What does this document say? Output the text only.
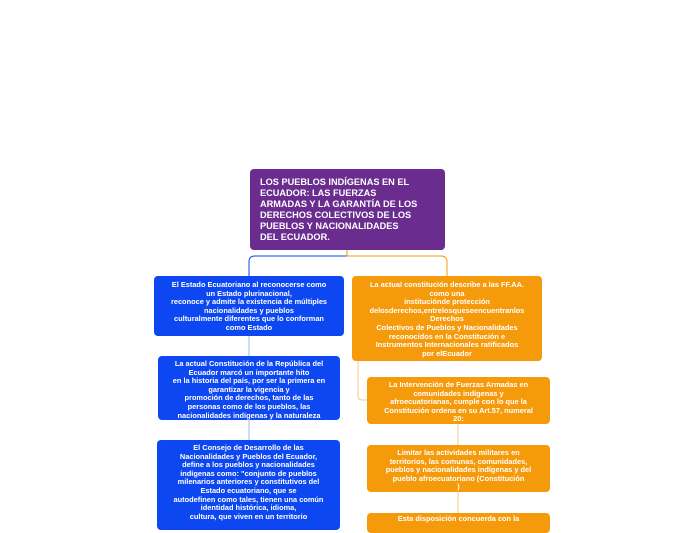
LOS PUEBLOS INDÍGENAS EN EL
ECUADOR: LAS FUERZAS
ARMADAS Y LA GARANTÍA DE LOS
DERECHOS COLECTIVOS DE LOS
PUEBLOS Y NACIONALIDADES
DEL ECUADOR.
El Estado Ecuatoriano al reconocerse como
un Estado plurinacional,
reconoce y admite la existencia de múltiples
nacionalidades y pueblos
culturalmente diferentes que lo conforman
como Estado
La actual Constitución de la República del
Ecuador marcó un importante hito
en la historia del país, por ser la primera en
garantizar la vigencia y
promoción de derechos, tanto de las
personas como de los pueblos, las
nacionalidades indígenas y la naturaleza
El Consejo de Desarrollo de las
Nacionalidades y Pueblos del Ecuador,
define a los pueblos y nacionalidades
indígenas como: "conjunto de pueblos
milenarios anteriores y constitutivos del
Estado ecuatoriano, que se
autodefinen como tales, tienen una común
identidad histórica, idioma,
cultura, que viven en un territorio
La actual constitución describe a las FF.AA.
como una
instituciónde protección
delosderechos,entrelosqueseencuentranlos
Derechos
Colectivos de Pueblos y Nacionalidades
reconocidos en la Constitución e
Instrumentos Internacionales ratificados
por elEcuador
La Intervención de Fuerzas Armadas en
comunidades indígenas y
afroecuatorianas, cumple con lo que la
Constitución ordena en su Art.57, numeral
20:
Limitar las actividades militares en
territorios, las comunas, comunidades,
pueblos y nacionalidades indígenas y del
pueblo afroecuatoriano (Constitución
)
Esta disposición concuerda con la
